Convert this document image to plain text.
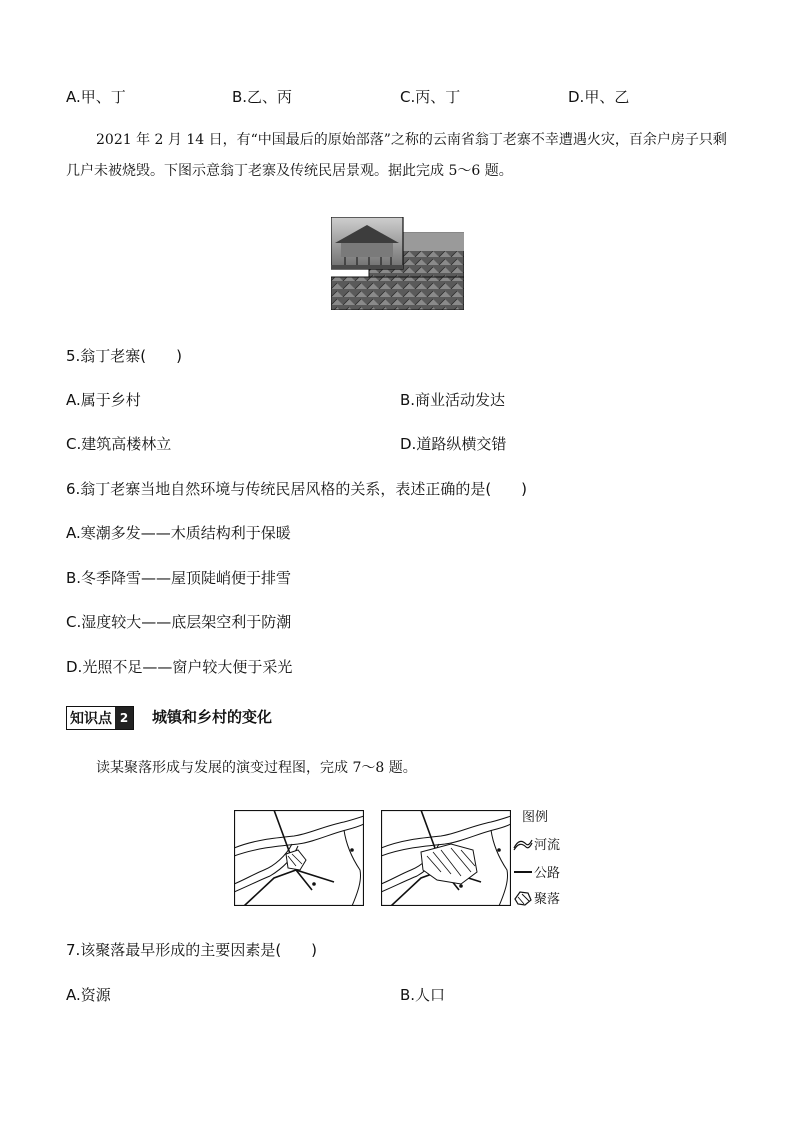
A.甲、丁	B.乙、丙	C.丙、丁	D.甲、乙
2021 年 2 月 14 日，有“中国最后的原始部落”之称的云南省翁丁老寨不幸遭遇火灾，百余户房子只剩几户未被烧毁。下图示意翁丁老寨及传统民居景观。据此完成 5～6 题。
5.翁丁老寨(　　)
A.属于乡村	B.商业活动发达
C.建筑高楼林立	D.道路纵横交错
6.翁丁老寨当地自然环境与传统民居风格的关系，表述正确的是(　　)
A.寒潮多发——木质结构利于保暖
B.冬季降雪——屋顶陡峭便于排雪
C.湿度较大——底层架空利于防潮
D.光照不足——窗户较大便于采光
知识点 2	城镇和乡村的变化
读某聚落形成与发展的演变过程图，完成 7～8 题。
图例
河流
公路
聚落
7.该聚落最早形成的主要因素是(　　)
A.资源	B.人口
